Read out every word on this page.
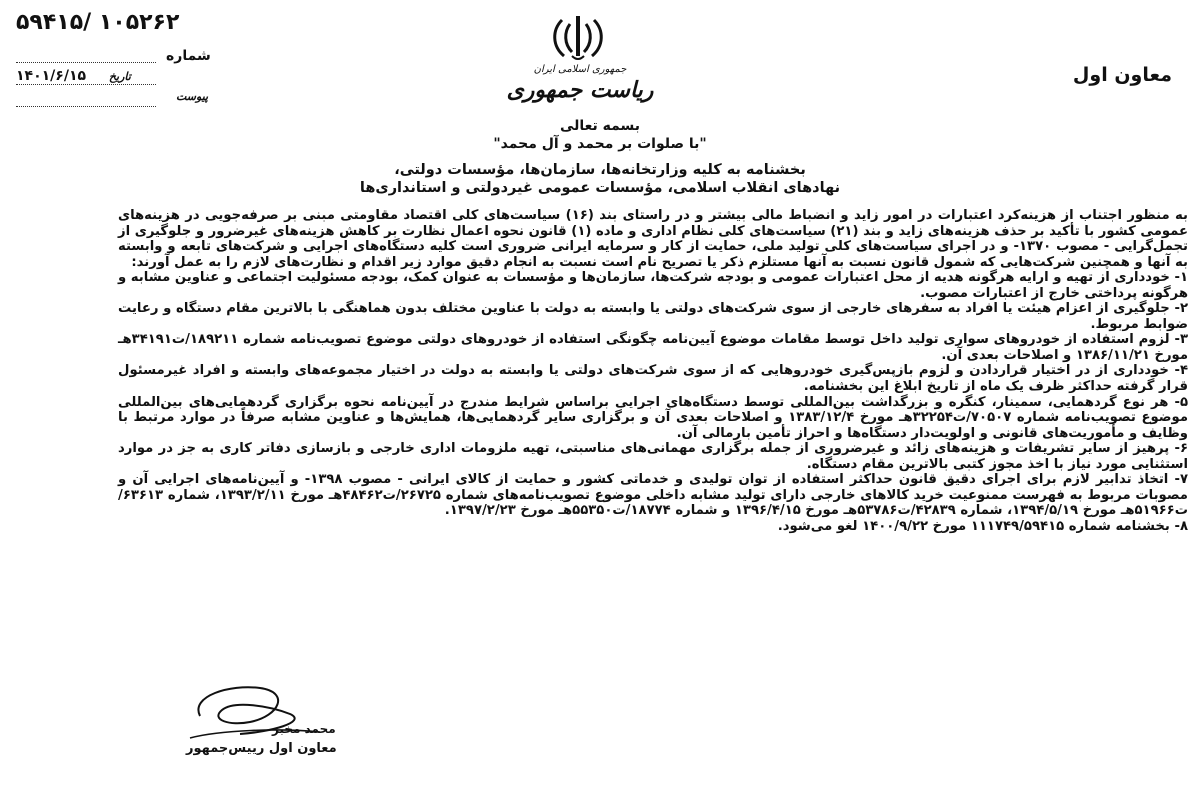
۵۹۴۱۵/ ۱۰۵۲۶۲
شماره
۱۴۰۱/۶/۱۵ تاریخ
پیوست
جمهوری اسلامی ایران
ریاست جمهوری
معاون اول
بسمه تعالی
"با صلوات بر محمد و آل محمد"
بخشنامه به کلیه وزارتخانه‌ها، سازمان‌ها، مؤسسات دولتی،
نهادهای انقلاب اسلامی، مؤسسات عمومی غیردولتی و استانداری‌ها

به منظور اجتناب از هزینه‌کرد اعتبارات در امور زاید و انضباط مالی بیشتر و در راستای بند (۱۶) سیاست‌های کلی اقتصاد مقاومتی مبنی بر صرفه‌جویی در هزینه‌های عمومی کشور با تأکید بر حذف هزینه‌های زاید و بند (۲۱) سیاست‌های کلی نظام اداری و ماده (۱) قانون نحوه اعمال نظارت بر کاهش هزینه‌های غیرضرور و جلوگیری از تجمل‌گرایی - مصوب ۱۳۷۰- و در اجرای سیاست‌های کلی تولید ملی، حمایت از کار و سرمایه ایرانی ضروری است کلیه دستگاه‌های اجرایی و شرکت‌های تابعه و وابسته به آنها و همچنین شرکت‌هایی که شمول قانون نسبت به آنها مستلزم ذکر یا تصریح نام است نسبت به انجام دقیق موارد زیر اقدام و نظارت‌های لازم را به عمل آورند:

۱- خودداری از تهیه و ارایه هرگونه هدیه از محل اعتبارات عمومی و بودجه شرکت‌ها، سازمان‌ها و مؤسسات به عنوان کمک، بودجه مسئولیت اجتماعی و عناوین مشابه و هرگونه پرداختی خارج از اعتبارات مصوب.

۲- جلوگیری از اعزام هیئت یا افراد به سفرهای خارجی از سوی شرکت‌های دولتی یا وابسته به دولت با عناوین مختلف بدون هماهنگی با بالاترین مقام دستگاه و رعایت ضوابط مربوط.

۳- لزوم استفاده از خودروهای سواری تولید داخل توسط مقامات موضوع آیین‌نامه چگونگی استفاده از خودروهای دولتی موضوع تصویب‌نامه شماره ۱۸۹۲۱۱/ت۳۴۱۹۱هـ مورخ ۱۳۸۶/۱۱/۲۱ و اصلاحات بعدی آن.

۴- خودداری از در اختیار قراردادن و لزوم بازپس‌گیری خودروهایی که از سوی شرکت‌های دولتی یا وابسته به دولت در اختیار مجموعه‌های وابسته و افراد غیرمسئول قرار گرفته حداکثر ظرف یک ماه از تاریخ ابلاغ این بخشنامه.

۵- هر نوع گردهمایی، سمینار، کنگره و بزرگداشت بین‌المللی توسط دستگاه‌های اجرایی براساس شرایط مندرج در آیین‌نامه نحوه برگزاری گردهمایی‌های بین‌المللی موضوع تصویب‌نامه شماره ۷۰۵۰۷/ت۳۲۲۵۴هـ مورخ ۱۳۸۳/۱۲/۴ و اصلاحات بعدی آن و برگزاری سایر گردهمایی‌ها، همایش‌ها و عناوین مشابه صرفاً در موارد مرتبط با وظایف و مأموریت‌های قانونی و اولویت‌دار دستگاه‌ها و احراز تأمین بارمالی آن.

۶- پرهیز از سایر تشریفات و هزینه‌های زائد و غیرضروری از جمله برگزاری مهمانی‌های مناسبتی، تهیه ملزومات اداری خارجی و بازسازی دفاتر کاری به جز در موارد استثنایی مورد نیاز با اخذ مجوز کتبی بالاترین مقام دستگاه.

۷- اتخاذ تدابیر لازم برای اجرای دقیق قانون حداکثر استفاده از توان تولیدی و خدماتی کشور و حمایت از کالای ایرانی - مصوب ۱۳۹۸- و آیین‌نامه‌های اجرایی آن و مصوبات مربوط به فهرست ممنوعیت خرید کالاهای خارجی دارای تولید مشابه داخلی موضوع تصویب‌نامه‌های شماره ۲۶۷۲۵/ت۴۸۴۶۲هـ مورخ ۱۳۹۳/۲/۱۱، شماره ۶۳۶۱۳/ت۵۱۹۶۶هـ مورخ ۱۳۹۴/۵/۱۹، شماره ۴۲۸۳۹/ت۵۳۷۸۶هـ مورخ ۱۳۹۶/۴/۱۵ و شماره ۱۸۷۷۴/ت۵۵۳۵۰هـ مورخ ۱۳۹۷/۲/۲۳.

۸- بخشنامه شماره ۱۱۱۷۴۹/۵۹۴۱۵ مورخ ۱۴۰۰/۹/۲۲ لغو می‌شود.

محمد مخبر
معاون اول رییس‌جمهور
